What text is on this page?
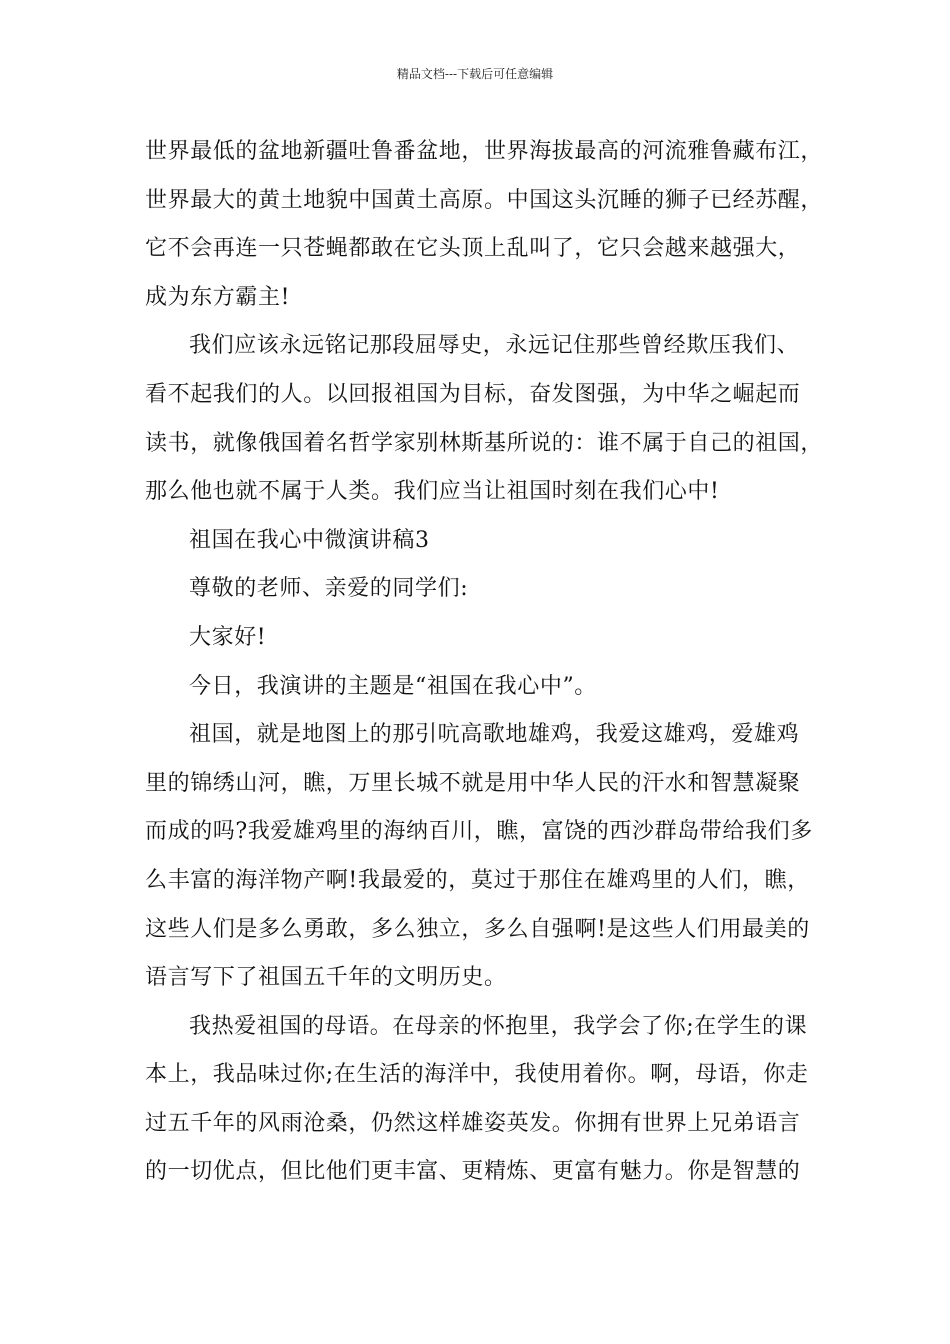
精品文档---下载后可任意编辑
世界最低的盆地新疆吐鲁番盆地，世界海拔最高的河流雅鲁藏布江，
世界最大的黄土地貌中国黄土高原。中国这头沉睡的狮子已经苏醒，
它不会再连一只苍蝇都敢在它头顶上乱叫了，它只会越来越强大，
成为东方霸主!
我们应该永远铭记那段屈辱史，永远记住那些曾经欺压我们、
看不起我们的人。以回报祖国为目标，奋发图强，为中华之崛起而
读书，就像俄国着名哲学家别林斯基所说的：谁不属于自己的祖国，
那么他也就不属于人类。我们应当让祖国时刻在我们心中!
祖国在我心中微演讲稿3
尊敬的老师、亲爱的同学们:
大家好!
今日，我演讲的主题是“祖国在我心中”。
祖国，就是地图上的那引吭高歌地雄鸡，我爱这雄鸡，爱雄鸡
里的锦绣山河，瞧，万里长城不就是用中华人民的汗水和智慧凝聚
而成的吗?我爱雄鸡里的海纳百川，瞧，富饶的西沙群岛带给我们多
么丰富的海洋物产啊!我最爱的，莫过于那住在雄鸡里的人们，瞧，
这些人们是多么勇敢，多么独立，多么自强啊!是这些人们用最美的
语言写下了祖国五千年的文明历史。
我热爱祖国的母语。在母亲的怀抱里，我学会了你;在学生的课
本上，我品味过你;在生活的海洋中，我使用着你。啊，母语，你走
过五千年的风雨沧桑，仍然这样雄姿英发。你拥有世界上兄弟语言
的一切优点，但比他们更丰富、更精炼、更富有魅力。你是智慧的
